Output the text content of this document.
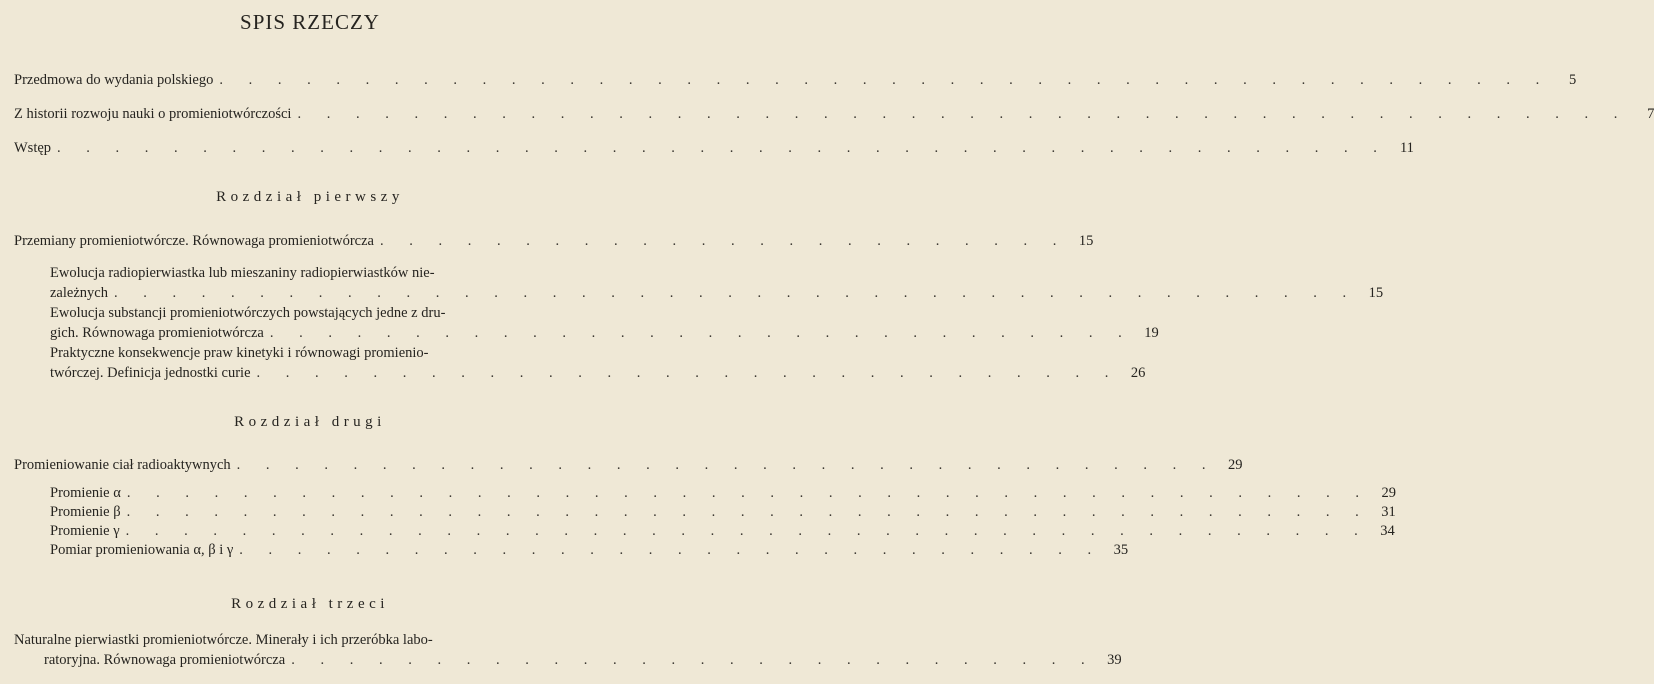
SPIS RZECZY
Przedmowa do wydania polskiego . . . . . . . . . . . . . . . . . . . . . . . . . . . . . . . . . . . . . . . . . . . . . .	5
Z historii rozwoju nauki o promieniotwórczości . . . . . . . . . . . . . . . . . . . . . . . . . . . . . . . . . . . . . . . . . . . . . .	7
Wstęp . . . . . . . . . . . . . . . . . . . . . . . . . . . . . . . . . . . . . . . . . . . . . . 11
Rozdział pierwszy
Przemiany promieniotwórcze. Równowaga promieniotwórcza . . . . . . . . . . . . . . . . . . . . . . . . 15
Ewolucja radiopierwiastka lub mieszaniny radiopierwiastków nie-
zależnych . . . . . . . . . . . . . . . . . . . . . . . . . . . . . . . . . . . . . . . . . . . 15
Ewolucja substancji promieniotwórczych powstających jedne z dru-
gich. Równowaga promieniotwórcza . . . . . . . . . . . . . . . . . . . . . . . . . . . . . . 19
Praktyczne konsekwencje praw kinetyki i równowagi promienio-
twórczej. Definicja jednostki curie . . . . . . . . . . . . . . . . . . . . . . . . . . . . . . 26
Rozdział drugi
Promieniowanie ciał radioaktywnych . . . . . . . . . . . . . . . . . . . . . . . . . . . . . . . . . . 29
Promienie α . . . . . . . . . . . . . . . . . . . . . . . . . . . . . . . . . . . . . . . . . . . 29
Promienie β . . . . . . . . . . . . . . . . . . . . . . . . . . . . . . . . . . . . . . . . . . . 31
Promienie γ . . . . . . . . . . . . . . . . . . . . . . . . . . . . . . . . . . . . . . . . . . . 34
Pomiar promieniowania α, β i γ . . . . . . . . . . . . . . . . . . . . . . . . . . . . . . 35
Rozdział trzeci
Naturalne pierwiastki promieniotwórcze. Minerały i ich przeróbka labo-
ratoryjna. Równowaga promieniotwórcza . . . . . . . . . . . . . . . . . . . . . . . . . . . . 39
